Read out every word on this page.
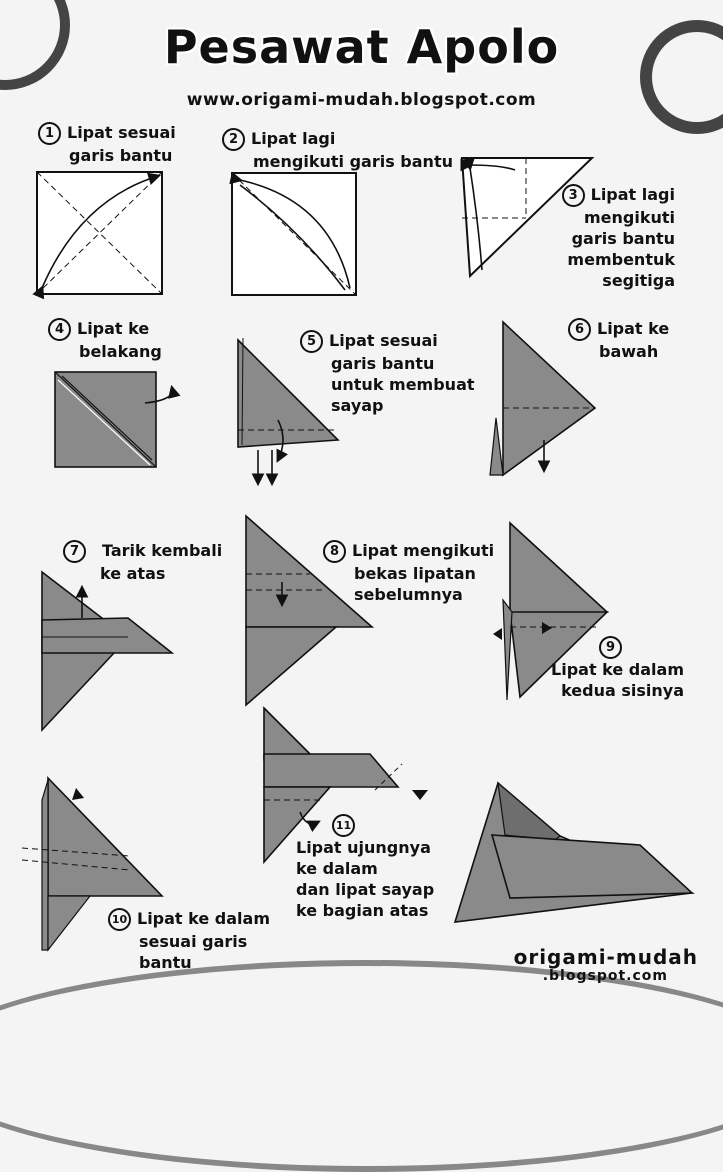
Pesawat Apolo
www.origami-mudah.blogspot.com
1 Lipat sesuai
garis bantu
2 Lipat lagi
mengikuti garis bantu
3 Lipat lagi
mengikuti
garis bantu
membentuk segitiga
4 Lipat ke
belakang
5 Lipat sesuai
garis bantu
untuk membuat
sayap
6 Lipat ke
bawah
7 Tarik kembali
ke atas
8 Lipat mengikuti
bekas lipatan
sebelumnya
9
Lipat ke dalam
kedua sisinya
10 Lipat ke dalam
sesuai garis
bantu
11
Lipat ujungnya
ke dalam
dan lipat sayap
ke bagian atas
origami-mudah
.blogspot.com
